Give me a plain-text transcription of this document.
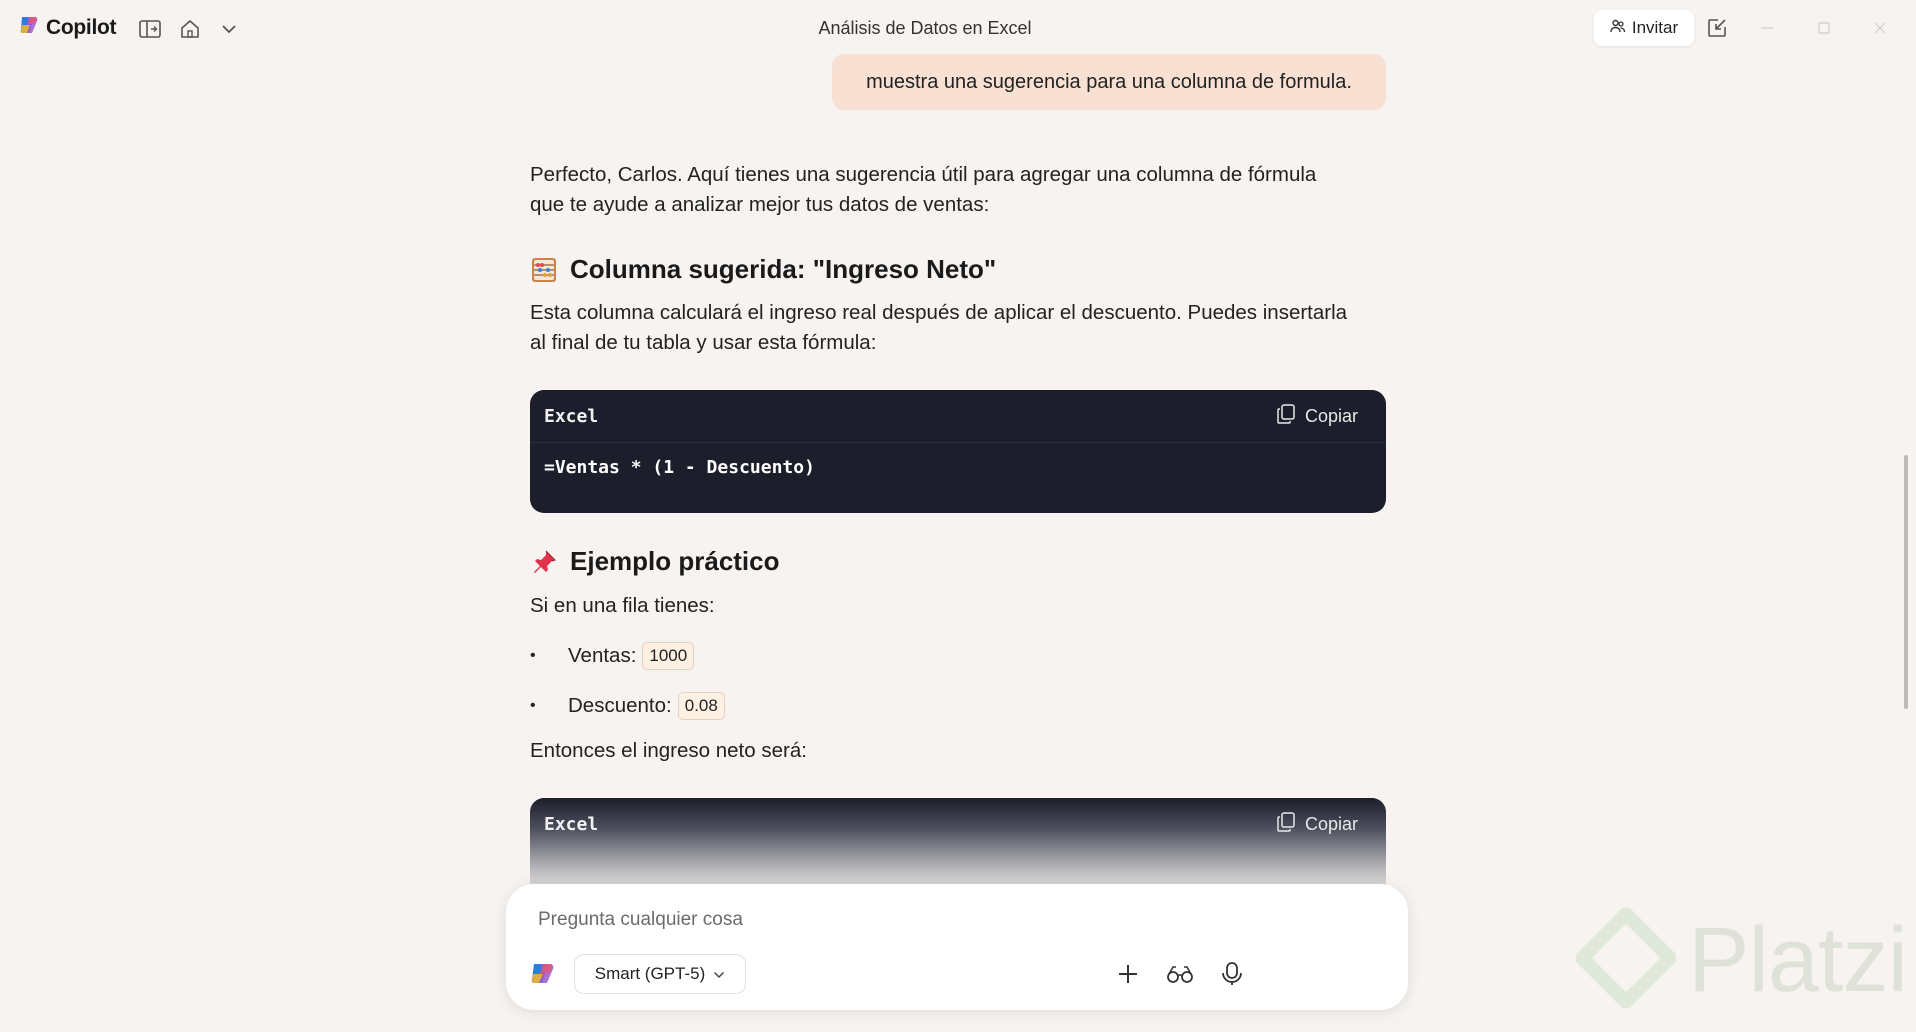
Copilot	Análisis de Datos en Excel	Invitar
muestra una sugerencia para una columna de formula.

Perfecto, Carlos. Aquí tienes una sugerencia útil para agregar una columna de fórmula

que te ayude a analizar mejor tus datos de ventas:

Columna sugerida: "Ingreso Neto"

Esta columna calculará el ingreso real después de aplicar el descuento. Puedes insertarla

al final de tu tabla y usar esta fórmula:

Excel	Copiar
=Ventas * (1 - Descuento)
Ejemplo práctico

Si en una fila tienes:

•	Ventas: 1000
•	Descuento: 0.08

Entonces el ingreso neto será:

Excel	Copiar
Pregunta cualquier cosa
Smart (GPT-5)	Platzi
